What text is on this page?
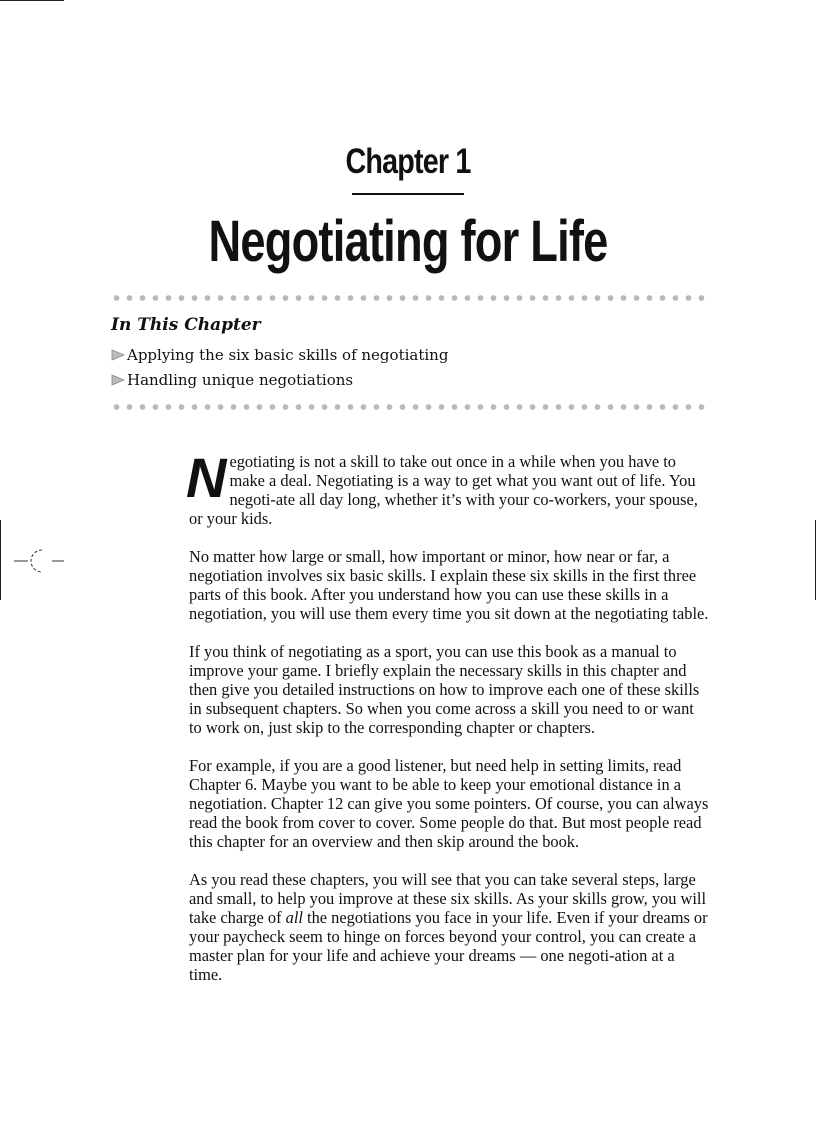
Chapter 1
Negotiating for Life
In This Chapter
Applying the six basic skills of negotiating
Handling unique negotiations

Negotiating is not a skill to take out once in a while when you have to make a deal. Negotiating is a way to get what you want out of life. You negoti-ate all day long, whether it’s with your co-workers, your spouse, or your kids.

No matter how large or small, how important or minor, how near or far, a negotiation involves six basic skills. I explain these six skills in the first three parts of this book. After you understand how you can use these skills in a negotiation, you will use them every time you sit down at the negotiating table.

If you think of negotiating as a sport, you can use this book as a manual to improve your game. I briefly explain the necessary skills in this chapter and then give you detailed instructions on how to improve each one of these skills in subsequent chapters. So when you come across a skill you need to or want to work on, just skip to the corresponding chapter or chapters.

For example, if you are a good listener, but need help in setting limits, read Chapter 6. Maybe you want to be able to keep your emotional distance in a negotiation. Chapter 12 can give you some pointers. Of course, you can always read the book from cover to cover. Some people do that. But most people read this chapter for an overview and then skip around the book.

As you read these chapters, you will see that you can take several steps, large and small, to help you improve at these six skills. As your skills grow, you will take charge of all the negotiations you face in your life. Even if your dreams or your paycheck seem to hinge on forces beyond your control, you can create a master plan for your life and achieve your dreams — one negoti-ation at a time.
